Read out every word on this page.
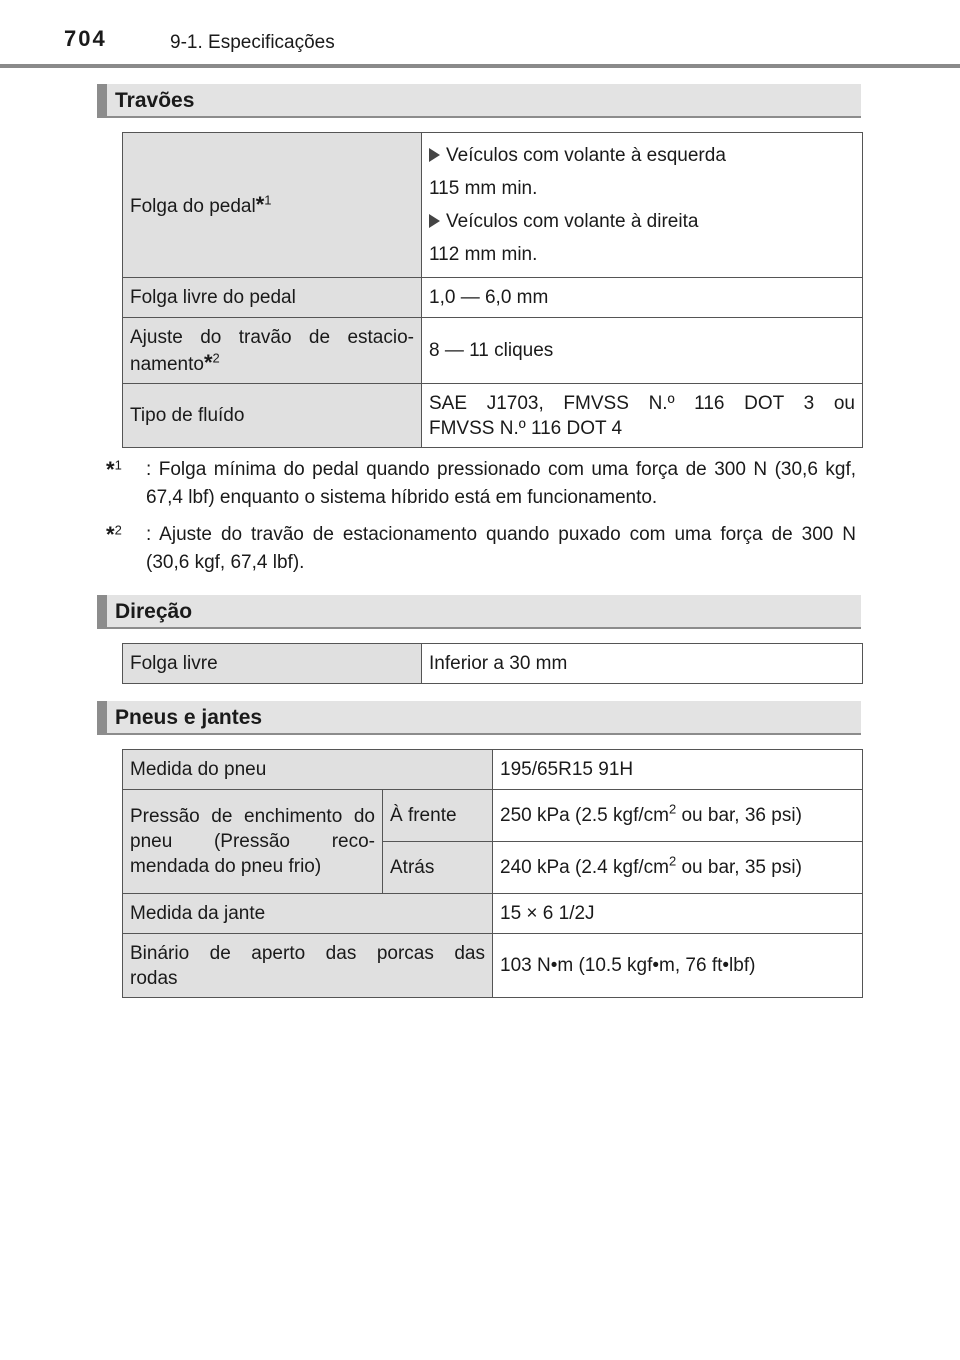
704	9-1. Especificações
Travões
Folga do pedal*$^1$	Veículos com volante à esquerda
115 mm min.
Veículos com volante à direita
112 mm min.

Folga livre do pedal	1,0 — 6,0 mm

Ajuste do travão de estacio-
namento*$^2$	8 — 11 cliques
Tipo de fluído	SAE J1703, FMVSS N.º 116 DOT 3 ou
FMVSS N.º 116 DOT 4
*$^1$	: Folga mínima do pedal quando pressionado com uma força de 300 N (30,6 kgf, 67,4 lbf) enquanto o sistema híbrido está em funcionamento.
*$^2$	: Ajuste do travão de estacionamento quando puxado com uma força de 300 N (30,6 kgf, 67,4 lbf).
Direção
Folga livre	Inferior a 30 mm
Pneus e jantes
Medida do pneu		195/65R15 91H
Pressão de enchimento do pneu (Pressão reco-mendada do pneu frio)	À frente	250 kPa (2.5 kgf/$cm^2$ ou bar, 36 psi)
	Atrás	240 kPa (2.4 kgf/$cm^2$ ou bar, 35 psi)
Medida da jante		15 × 6 1/2J

Binário de aperto das porcas das
rodas		103 N•m (10.5 kgf•m, 76 ft•lbf)
